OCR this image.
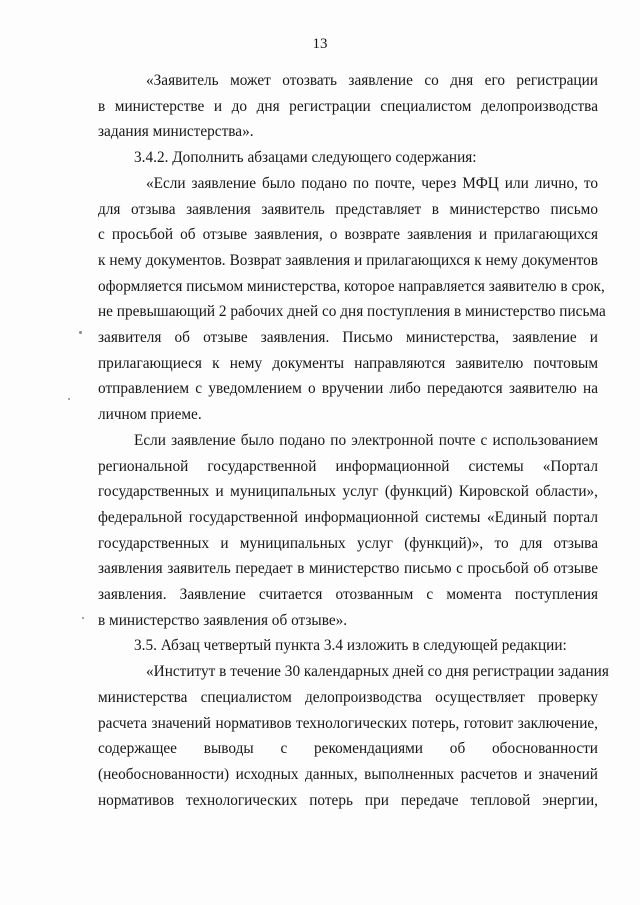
13
«Заявитель может отозвать заявление со дня его регистрации
в министерстве и до дня регистрации специалистом делопроизводства
задания министерства».
3.4.2. Дополнить абзацами следующего содержания:
«Если заявление было подано по почте, через МФЦ или лично, то
для отзыва заявления заявитель представляет в министерство письмо
с просьбой об отзыве заявления, о возврате заявления и прилагающихся
к нему документов. Возврат заявления и прилагающихся к нему документов
оформляется письмом министерства, которое направляется заявителю в срок,
не превышающий 2 рабочих дней со дня поступления в министерство письма
заявителя об отзыве заявления. Письмо министерства, заявление и
прилагающиеся к нему документы направляются заявителю почтовым
отправлением с уведомлением о вручении либо передаются заявителю на
личном приеме.
Если заявление было подано по электронной почте с использованием
региональной государственной информационной системы «Портал
государственных и муниципальных услуг (функций) Кировской области»,
федеральной государственной информационной системы «Единый портал
государственных и муниципальных услуг (функций)», то для отзыва
заявления заявитель передает в министерство письмо с просьбой об отзыве
заявления. Заявление считается отозванным с момента поступления
в министерство заявления об отзыве».
3.5. Абзац четвертый пункта 3.4 изложить в следующей редакции:
«Институт в течение 30 календарных дней со дня регистрации задания
министерства специалистом делопроизводства осуществляет проверку
расчета значений нормативов технологических потерь, готовит заключение,
содержащее выводы с рекомендациями об обоснованности
(необоснованности) исходных данных, выполненных расчетов и значений
нормативов технологических потерь при передаче тепловой энергии,
